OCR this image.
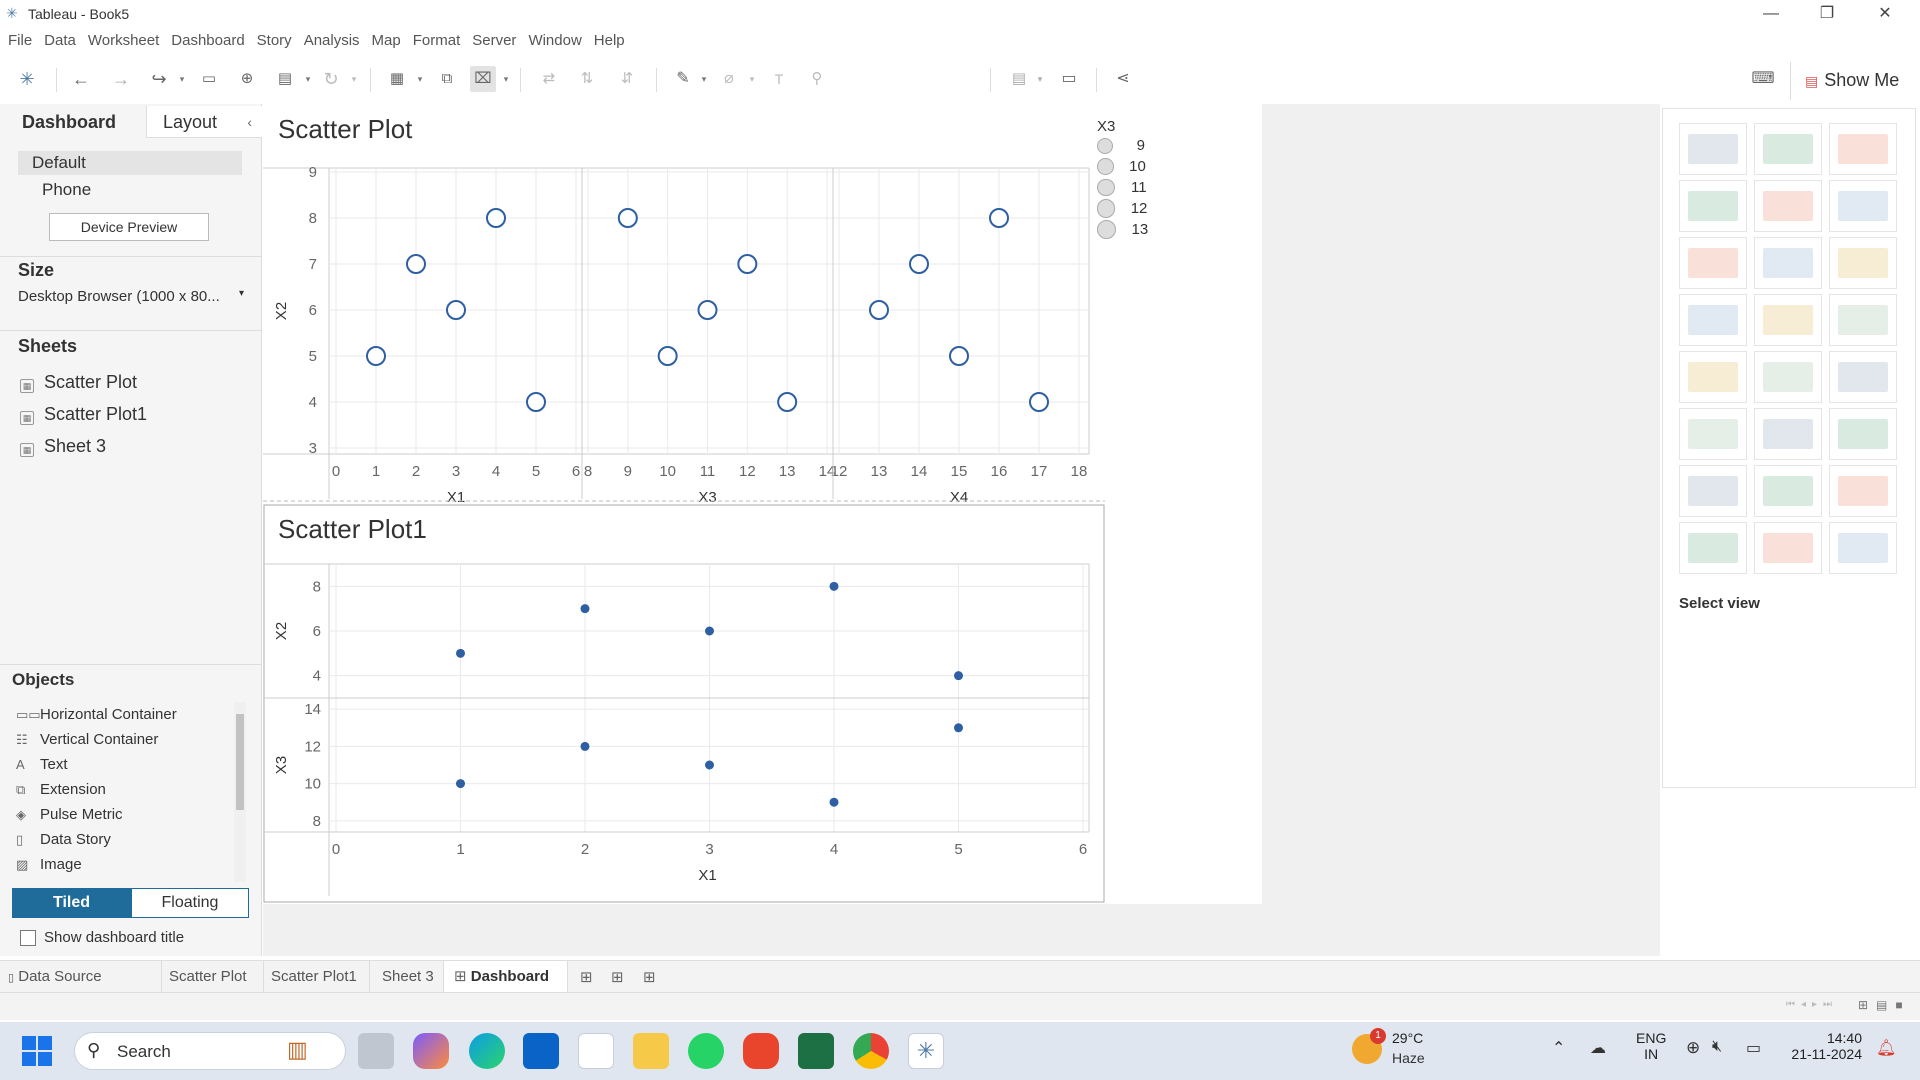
✳ Tableau - Book5	—	❐	✕
File Data Worksheet Dashboard Story Analysis Map Format Server Window Help
✳	← →	↪	▾	▭	⊕	▤	▾ ↻	▾	▦	▾	⧉	⌧	▾	⇄	⇅	⇵	✎	▾	⌀	▾	T	⚲	▤	▾	▭	⋖	⌨	▤ Show Me
Dashboard	Layout ‹
Default
Phone
Device Preview
Size
Desktop Browser (1000 x 80... ▾
Sheets
▦ Scatter Plot
▦ Scatter Plot1
▦ Sheet 3
Objects
▭▭Horizontal Container
☷ Vertical Container
A Text
⧉ Extension
◈ Pulse Metric
▯ Data Story
▨ Image
Tiled	Floating
Show dashboard title
Scatter Plot
9
8
7
6
5
4
3
X2
0 1 2 3 4 5 6
X1
8 9 10 11 12 13 14
X3
12 13 14 15 16 17 18
X4
Scatter Plot1
0	1	2	3	4	5	6
8
6
4
X2
14
12
10
8
X3
X1
X3
9
10
11
12
13
Select view
▯ Data Source	Scatter Plot	Scatter Plot1	Sheet 3	⊞ Dashboard	⊞ ⊞ ⊞
⏮◂▸⏭ ⊞▤■
⚲ Search	▥	✳
1 29°C
Haze
⌃ ☁
ENG
IN	⊕ 🔇︎ ▭
14:40
21-11-2024 🔔︎
